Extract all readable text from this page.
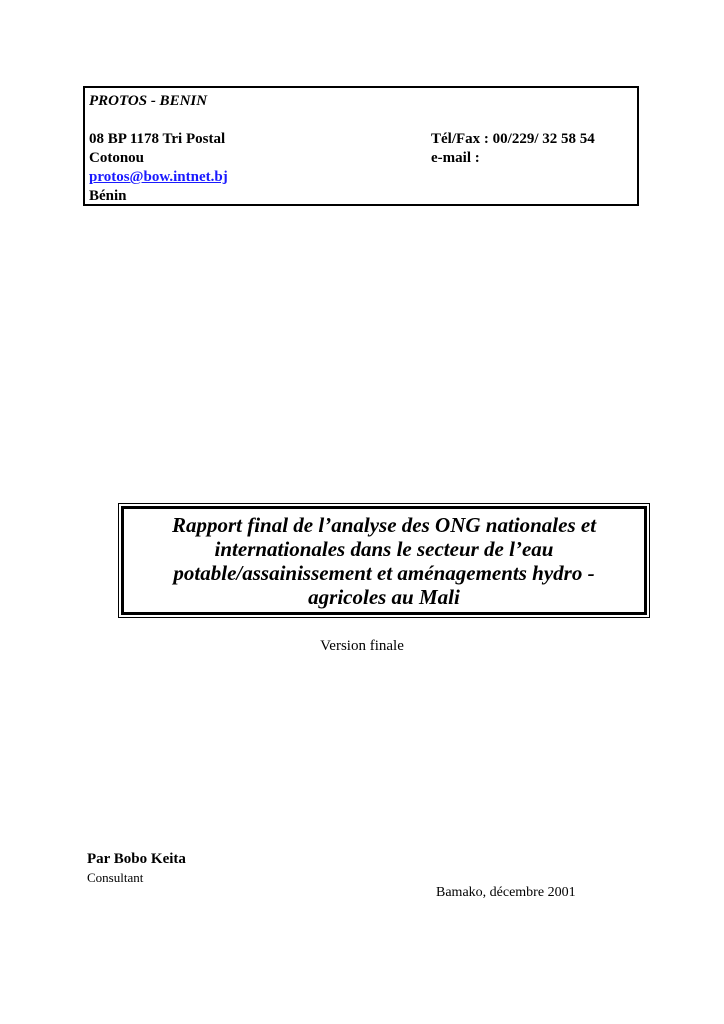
PROTOS - BENIN
08 BP 1178 Tri Postal
Cotonou
protos@bow.intnet.bj
Bénin
Tél/Fax : 00/229/ 32 58 54
e-mail :
Rapport final de l’analyse des ONG nationales et internationales dans le secteur de l’eau potable/assainissement et aménagements hydro - agricoles au Mali
Version finale
Par Bobo Keita
Consultant
Bamako, décembre 2001
